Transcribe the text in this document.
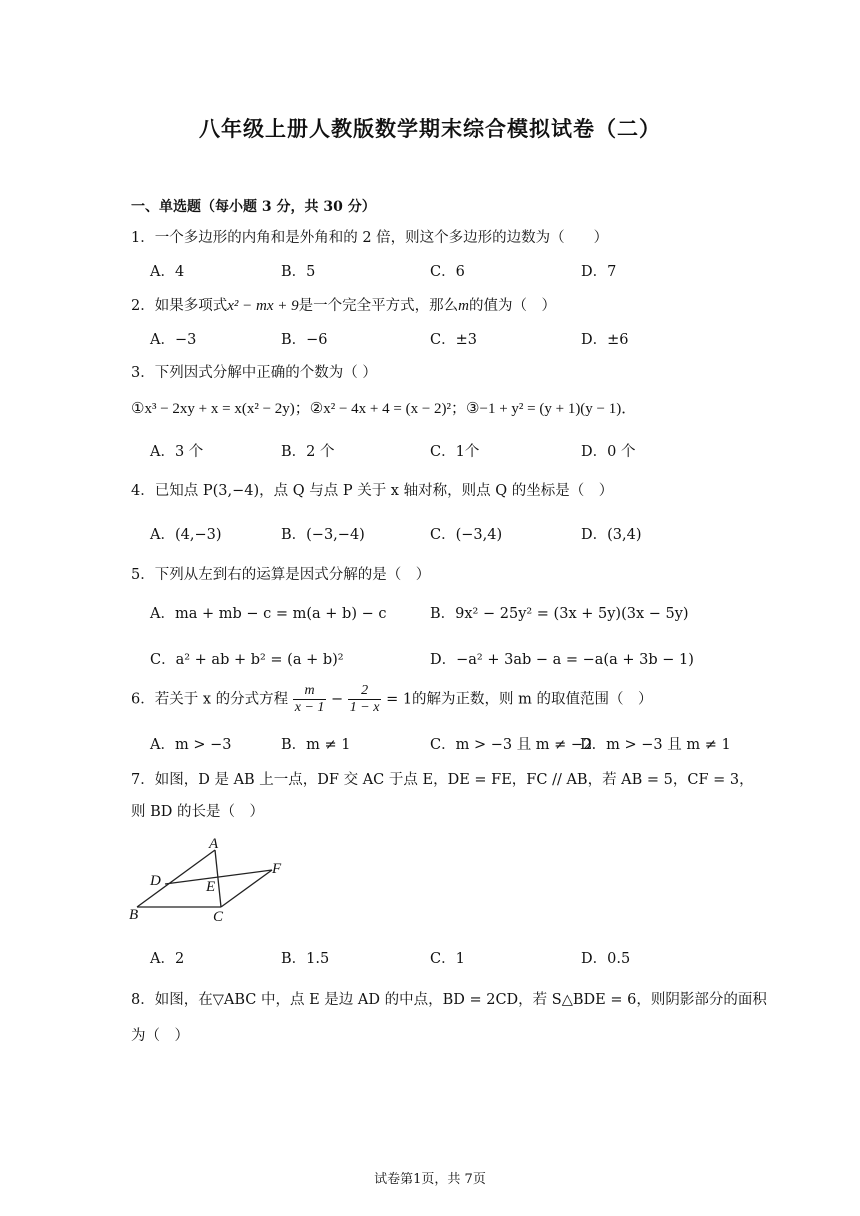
八年级上册人教版数学期末综合模拟试卷（二）
一、单选题（每小题 3 分，共 30 分）
1．一个多边形的内角和是外角和的 2 倍，则这个多边形的边数为（　　）
A．4	B．5	C．6	D．7
2．如果多项式x² − mx + 9是一个完全平方式，那么m的值为（　）
A．−3	B．−6	C．±3	D．±6
3．下列因式分解中正确的个数为（ ）
①x³ − 2xy + x = x(x² − 2y)；②x² − 4x + 4 = (x − 2)²；③−1 + y² = (y + 1)(y − 1)．
A．3 个	B．2 个	C．1个	D．0 个
4．已知点 P(3,−4)，点 Q 与点 P 关于 x 轴对称，则点 Q 的坐标是（　）
A．(4,−3)	B．(−3,−4)	C．(−3,4)	D．(3,4)
5．下列从左到右的运算是因式分解的是（　）
A．ma + mb − c = m(a + b) − c	B．9x² − 25y² = (3x + 5y)(3x − 5y)
C．a² + ab + b² = (a + b)²	D．−a² + 3ab − a = −a(a + 3b − 1)
6．若关于 x 的分式方程 $\frac{m}{x - 1} - \frac{2}{1 - x} = 1$的解为正数，则 m 的取值范围（　）
A．m > −3	B．m ≠ 1	C．m > −3 且 m ≠ −2
D．m > −3 且 m ≠ 1
7．如图，D 是 AB 上一点，DF 交 AC 于点 E，DE = FE，FC // AB，若 AB = 5，CF = 3，
则 BD 的长是（　）
A
D	E
F
B	C
A．2	B．1.5	C．1	D．0.5
8．如图，在▽ABC 中，点 E 是边 AD 的中点，BD = 2CD，若 S△BDE = 6，则阴影部分的面积
为（　）
试卷第1页，共 7页
